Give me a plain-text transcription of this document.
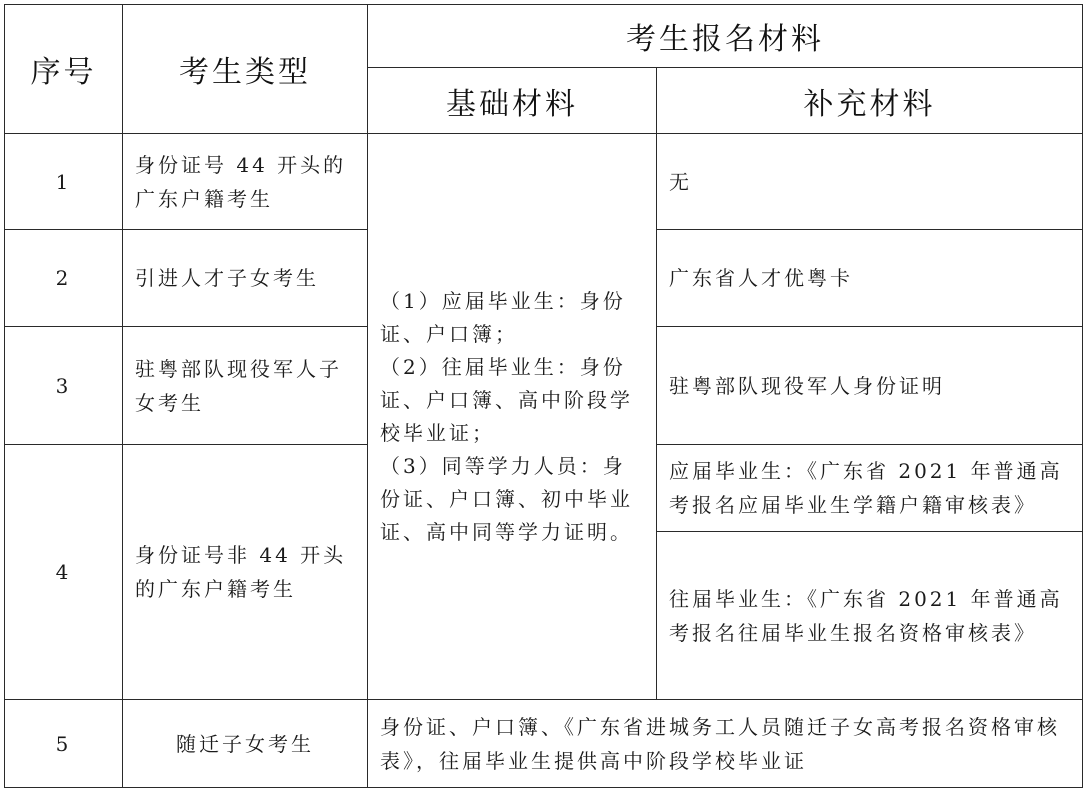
序号	考生类型	考生报名材料	
		基础材料	补充材料
1	身份证号 44 开头的广东户籍考生	（1）应届毕业生：身份证、户口簿；
（2）往届毕业生：身份证、户口簿、高中阶段学校毕业证；
（3）同等学力人员：身份证、户口簿、初中毕业证、高中同等学力证明。	无
2	引进人才子女考生		广东省人才优粤卡
3	驻粤部队现役军人子女考生		驻粤部队现役军人身份证明
4	身份证号非 44 开头的广东户籍考生		应届毕业生：《广东省 2021 年普通高考报名应届毕业生学籍户籍审核表》
			往届毕业生：《广东省 2021 年普通高考报名往届毕业生报名资格审核表》
5	随迁子女考生	身份证、户口簿、《广东省进城务工人员随迁子女高考报名资格审核表》，往届毕业生提供高中阶段学校毕业证	
